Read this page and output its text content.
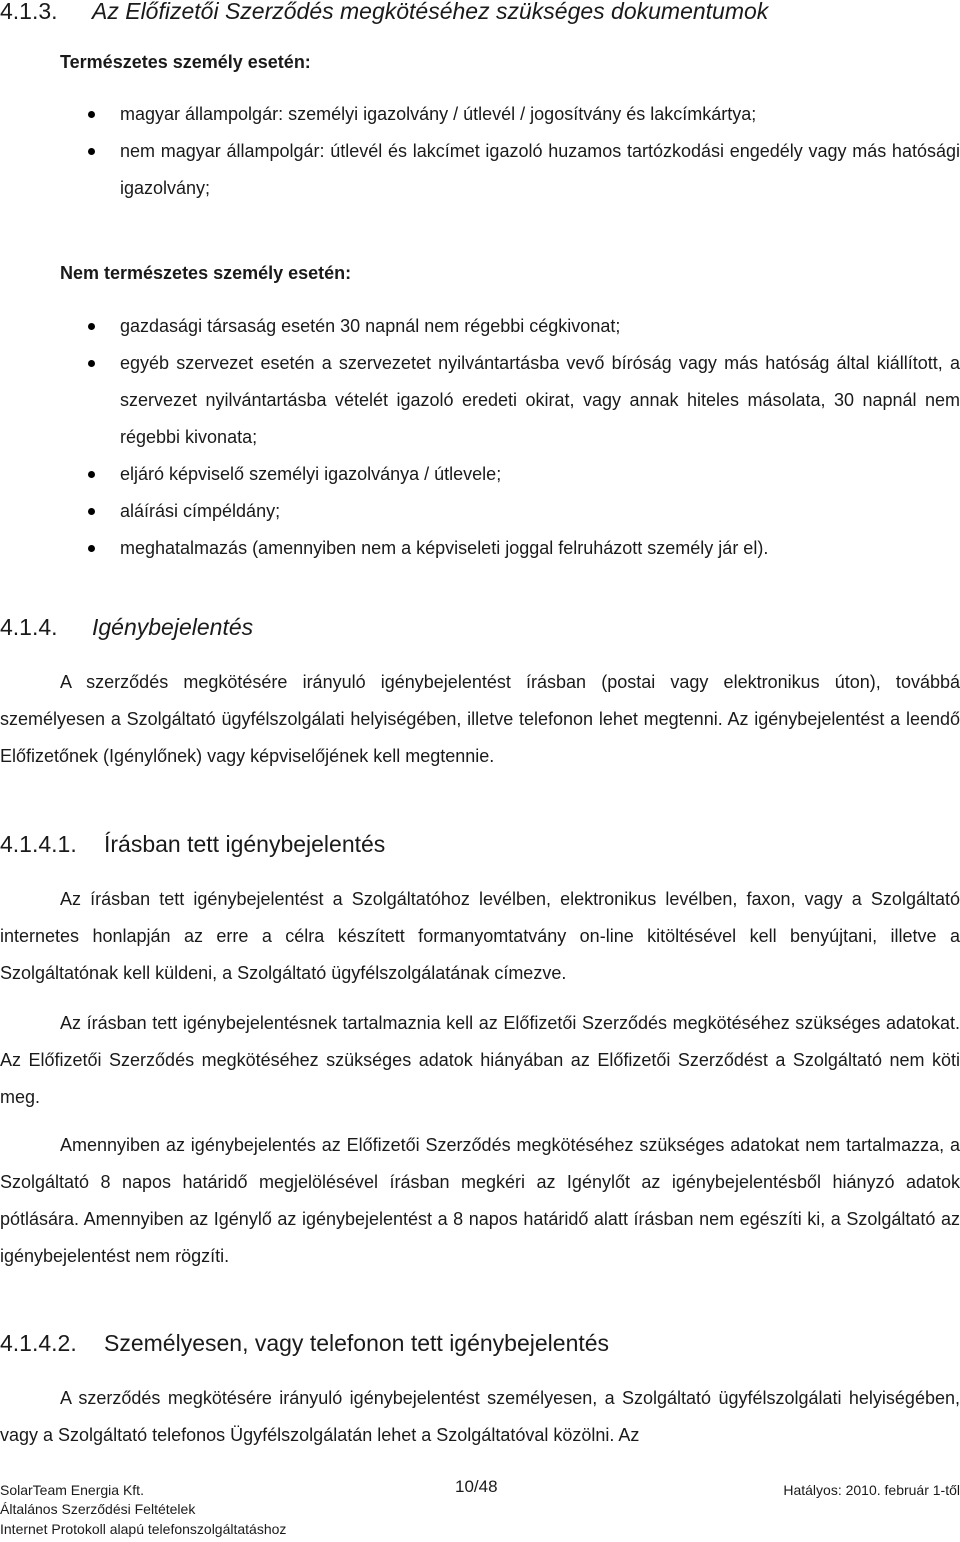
4.1.3. Az Előfizetői Szerződés megkötéséhez szükséges dokumentumok
Természetes személy esetén:
magyar állampolgár: személyi igazolvány / útlevél / jogosítvány és lakcímkártya;
nem magyar állampolgár: útlevél és lakcímet igazoló huzamos tartózkodási engedély vagy más hatósági igazolvány;
Nem természetes személy esetén:
gazdasági társaság esetén 30 napnál nem régebbi cégkivonat;
egyéb szervezet esetén a szervezetet nyilvántartásba vevő bíróság vagy más hatóság által kiállított, a szervezet nyilvántartásba vételét igazoló eredeti okirat, vagy annak hiteles másolata, 30 napnál nem régebbi kivonata;
eljáró képviselő személyi igazolványa / útlevele;
aláírási címpéldány;
meghatalmazás (amennyiben nem a képviseleti joggal felruházott személy jár el).
4.1.4. Igénybejelentés
A szerződés megkötésére irányuló igénybejelentést írásban (postai vagy elektronikus úton), továbbá személyesen a Szolgáltató ügyfélszolgálati helyiségében, illetve telefonon lehet megtenni. Az igénybejelentést a leendő Előfizetőnek (Igénylőnek) vagy képviselőjének kell megtennie.
4.1.4.1. Írásban tett igénybejelentés
Az írásban tett igénybejelentést a Szolgáltatóhoz levélben, elektronikus levélben, faxon, vagy a Szolgáltató internetes honlapján az erre a célra készített formanyomtatvány on-line kitöltésével kell benyújtani, illetve a Szolgáltatónak kell küldeni, a Szolgáltató ügyfélszolgálatának címezve.
Az írásban tett igénybejelentésnek tartalmaznia kell az Előfizetői Szerződés megkötéséhez szükséges adatokat. Az Előfizetői Szerződés megkötéséhez szükséges adatok hiányában az Előfizetői Szerződést a Szolgáltató nem köti meg.
Amennyiben az igénybejelentés az Előfizetői Szerződés megkötéséhez szükséges adatokat nem tartalmazza, a Szolgáltató 8 napos határidő megjelölésével írásban megkéri az Igénylőt az igénybejelentésből hiányzó adatok pótlására. Amennyiben az Igénylő az igénybejelentést a 8 napos határidő alatt írásban nem egészíti ki, a Szolgáltató az igénybejelentést nem rögzíti.
4.1.4.2. Személyesen, vagy telefonon tett igénybejelentés
A szerződés megkötésére irányuló igénybejelentést személyesen, a Szolgáltató ügyfélszolgálati helyiségében, vagy a Szolgáltató telefonos Ügyfélszolgálatán lehet a Szolgáltatóval közölni. Az
SolarTeam Energia Kft.	10/48	Hatályos: 2010. február 1-től
Általános Szerződési Feltételek
Internet Protokoll alapú telefonszolgáltatáshoz
